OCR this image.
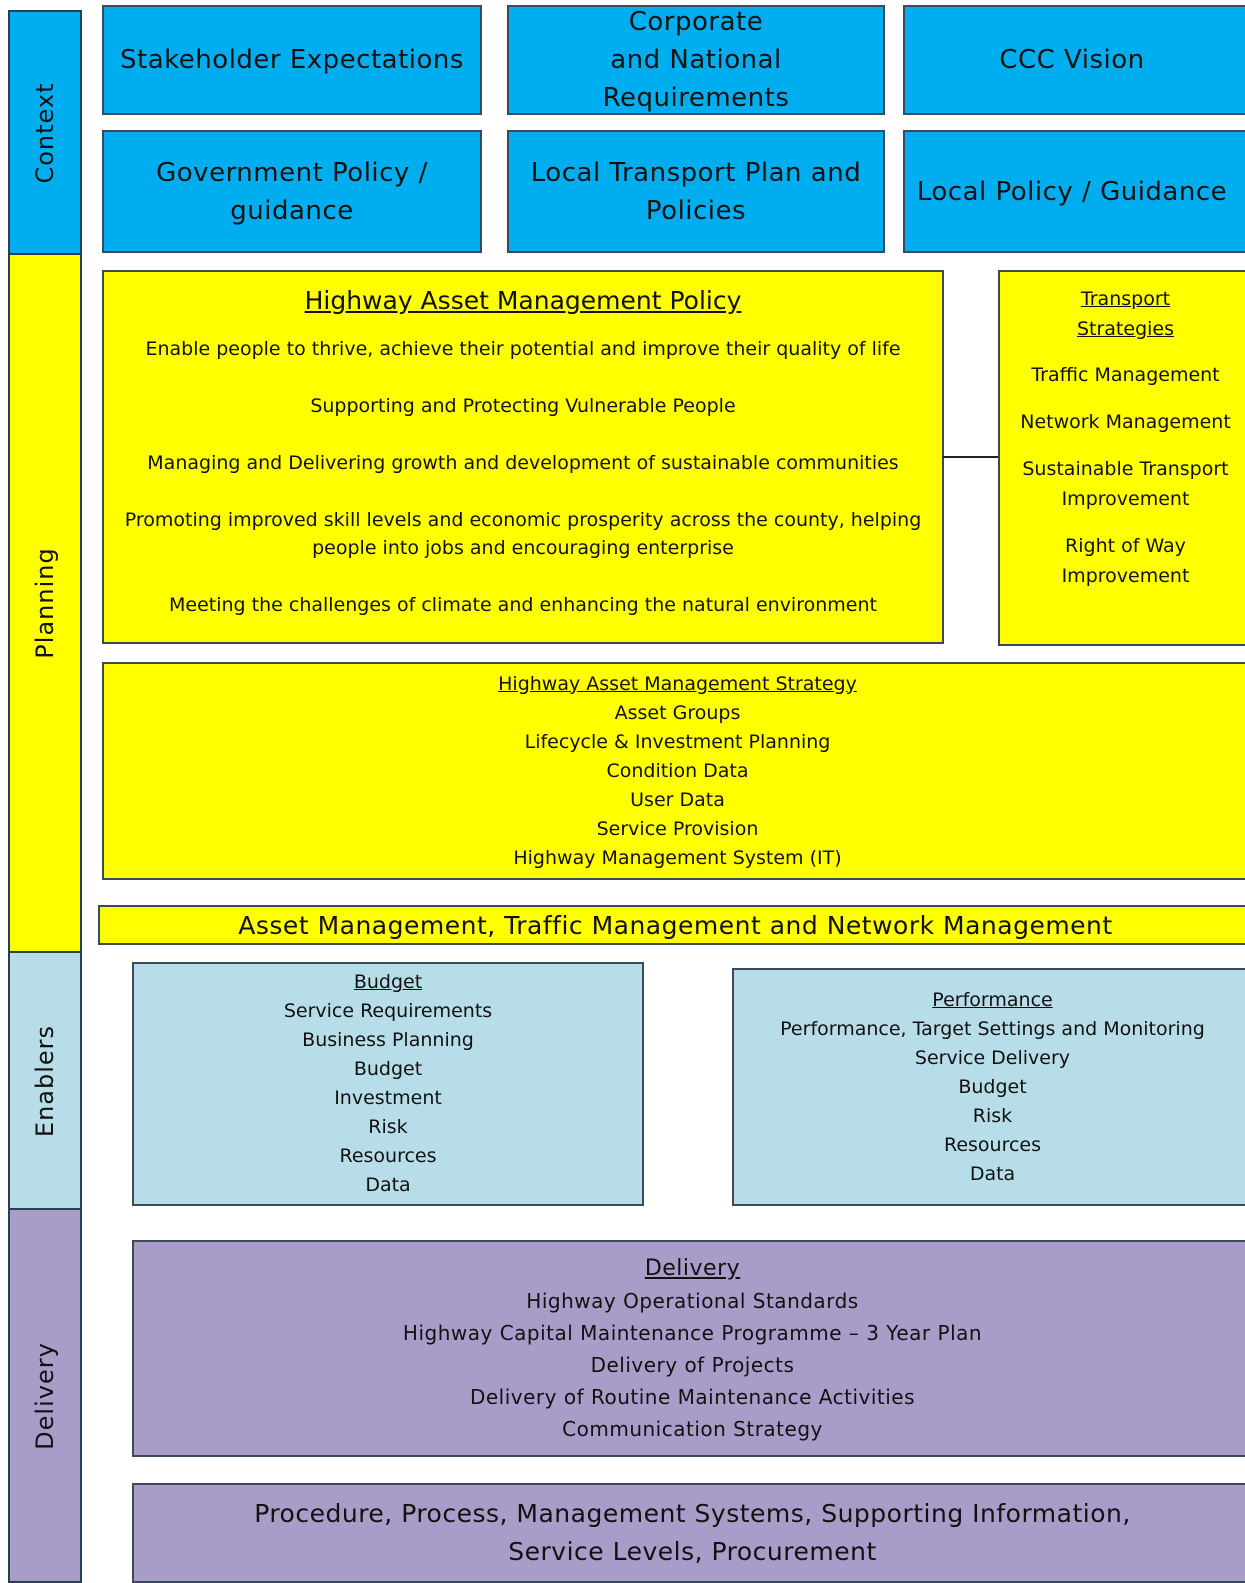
Context
Planning
Enablers
Delivery
Stakeholder Expectations
Corporate
and National
Requirements
CCC Vision
Government Policy /
guidance
Local Transport Plan and
Policies
Local Policy / Guidance
Highway Asset Management Policy
Enable people to thrive, achieve their potential and improve their quality of life
Supporting and Protecting Vulnerable People
Managing and Delivering growth and development of sustainable communities
Promoting improved skill levels and economic prosperity across the county, helping people into jobs and encouraging enterprise
Meeting the challenges of climate and enhancing the natural environment
Transport
Strategies
Traffic Management
Network Management
Sustainable Transport
Improvement
Right of Way
Improvement
Highway Asset Management Strategy
Asset Groups
Lifecycle & Investment Planning
Condition Data
User Data
Service Provision
Highway Management System (IT)
Asset Management, Traffic Management and Network Management
Budget
Service Requirements
Business Planning
Budget
Investment
Risk
Resources
Data
Performance
Performance, Target Settings and Monitoring
Service Delivery
Budget
Risk
Resources
Data
Delivery
Highway Operational Standards
Highway Capital Maintenance Programme – 3 Year Plan
Delivery of Projects
Delivery of Routine Maintenance Activities
Communication Strategy
Procedure, Process, Management Systems, Supporting Information,
Service Levels, Procurement
